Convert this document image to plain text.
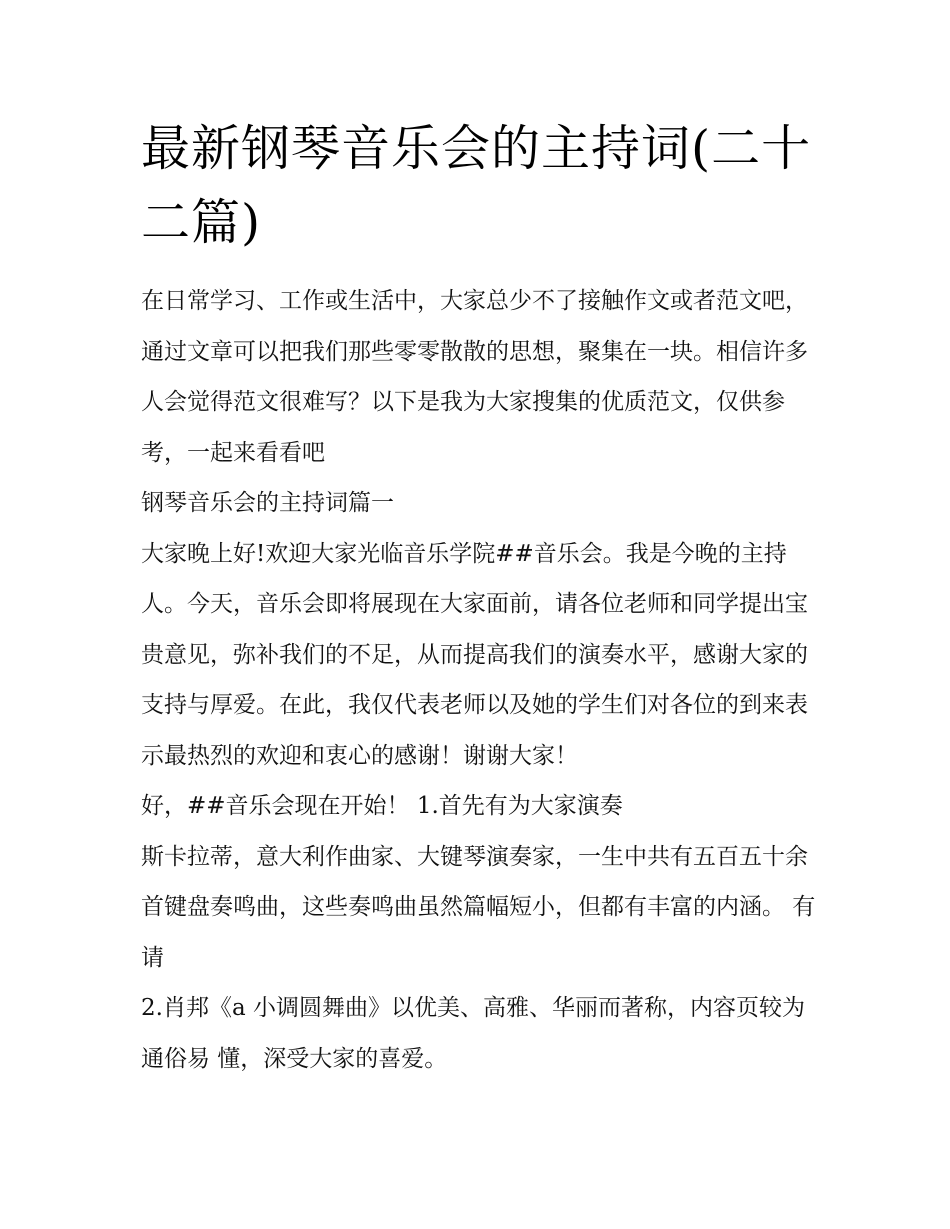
最新钢琴音乐会的主持词(二十二篇)

在日常学习、工作或生活中，大家总少不了接触作文或者范文吧，通过文章可以把我们那些零零散散的思想，聚集在一块。相信许多人会觉得范文很难写？以下是我为大家搜集的优质范文，仅供参考，一起来看看吧

钢琴音乐会的主持词篇一

大家晚上好!欢迎大家光临音乐学院##音乐会。我是今晚的主持人。今天，音乐会即将展现在大家面前，请各位老师和同学提出宝贵意见，弥补我们的不足，从而提高我们的演奏水平，感谢大家的支持与厚爱。在此，我仅代表老师以及她的学生们对各位的到来表示最热烈的欢迎和衷心的感谢！谢谢大家！

好，##音乐会现在开始！ 1.首先有为大家演奏

斯卡拉蒂，意大利作曲家、大键琴演奏家，一生中共有五百五十余首键盘奏鸣曲，这些奏鸣曲虽然篇幅短小，但都有丰富的内涵。 有请

2.肖邦《a 小调圆舞曲》以优美、高雅、华丽而著称，内容页较为通俗易 懂，深受大家的喜爱。
